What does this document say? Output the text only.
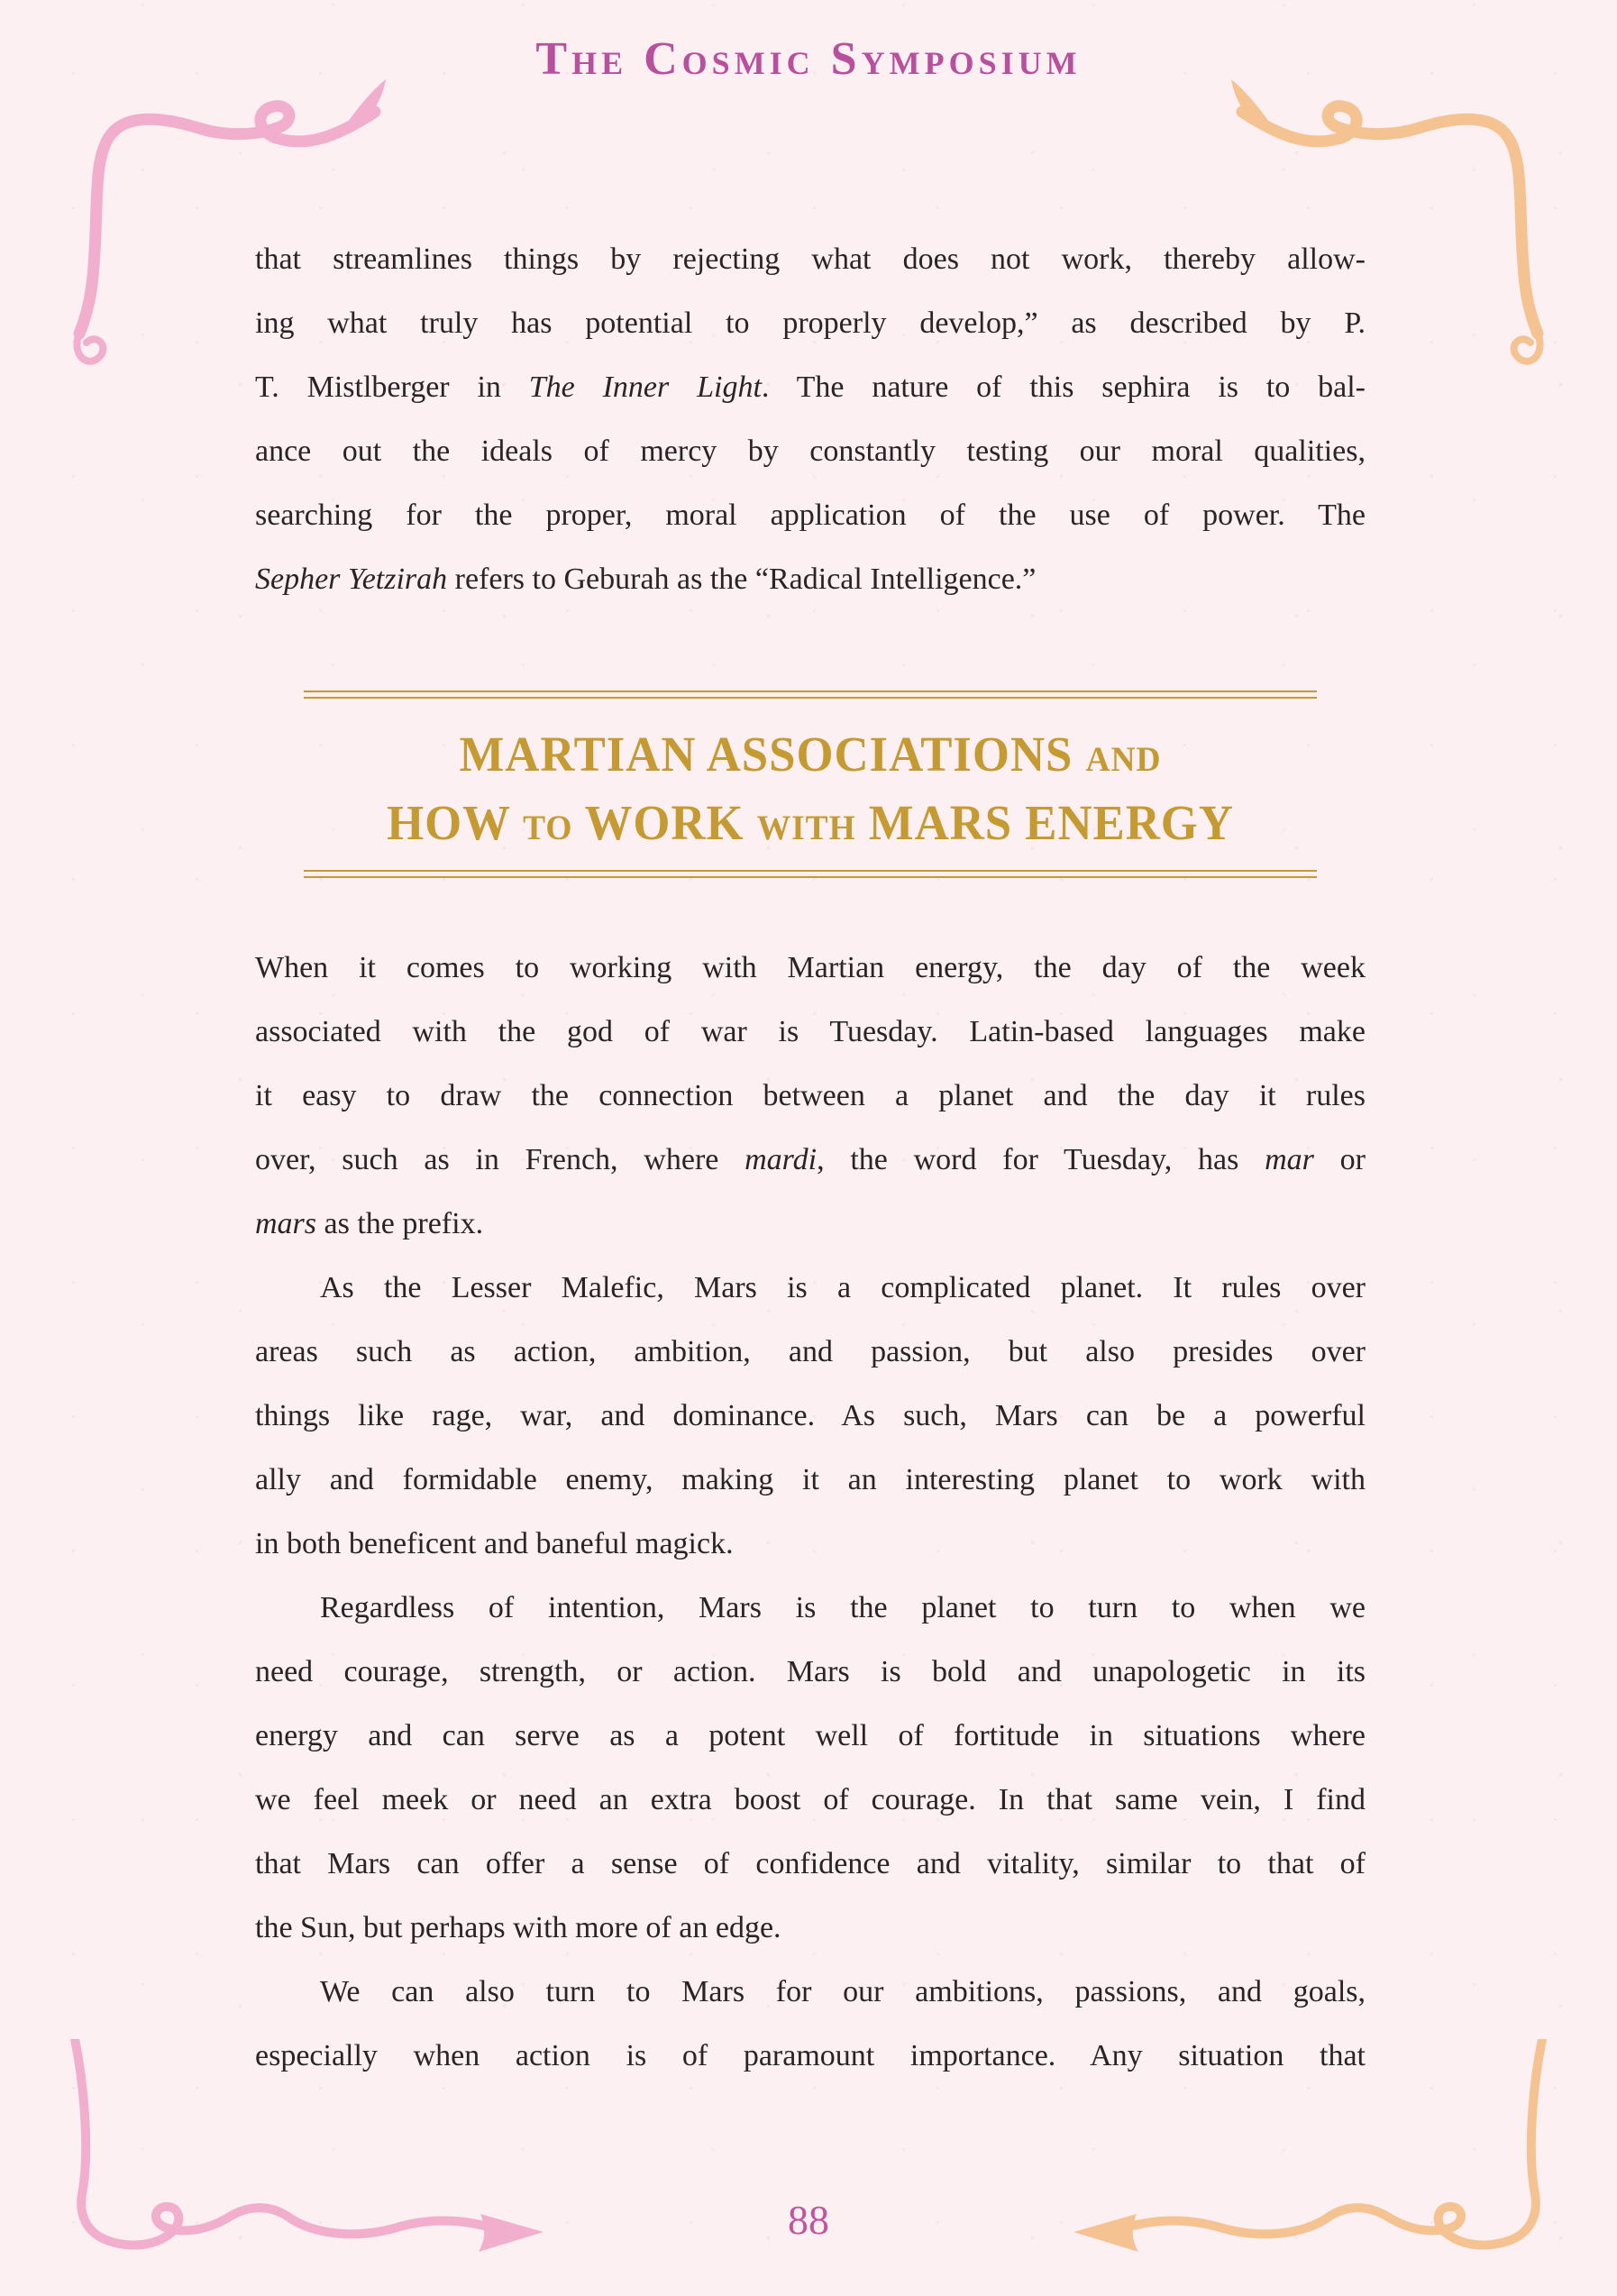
The Cosmic Symposium
that streamlines things by rejecting what does not work, thereby allow-
ing what truly has potential to properly develop,” as described by P.
T. Mistlberger in The Inner Light. The nature of this sephira is to bal-
ance out the ideals of mercy by constantly testing our moral qualities,
searching for the proper, moral application of the use of power. The
Sepher Yetzirah refers to Geburah as the “Radical Intelligence.”
MARTIAN ASSOCIATIONS and
HOW to WORK with MARS ENERGY
When it comes to working with Martian energy, the day of the week
associated with the god of war is Tuesday. Latin-based languages make
it easy to draw the connection between a planet and the day it rules
over, such as in French, where mardi, the word for Tuesday, has mar or
mars as the prefix.
As the Lesser Malefic, Mars is a complicated planet. It rules over
areas such as action, ambition, and passion, but also presides over
things like rage, war, and dominance. As such, Mars can be a powerful
ally and formidable enemy, making it an interesting planet to work with
in both beneficent and baneful magick.
Regardless of intention, Mars is the planet to turn to when we
need courage, strength, or action. Mars is bold and unapologetic in its
energy and can serve as a potent well of fortitude in situations where
we feel meek or need an extra boost of courage. In that same vein, I find
that Mars can offer a sense of confidence and vitality, similar to that of
the Sun, but perhaps with more of an edge.
We can also turn to Mars for our ambitions, passions, and goals,
especially when action is of paramount importance. Any situation that
88
